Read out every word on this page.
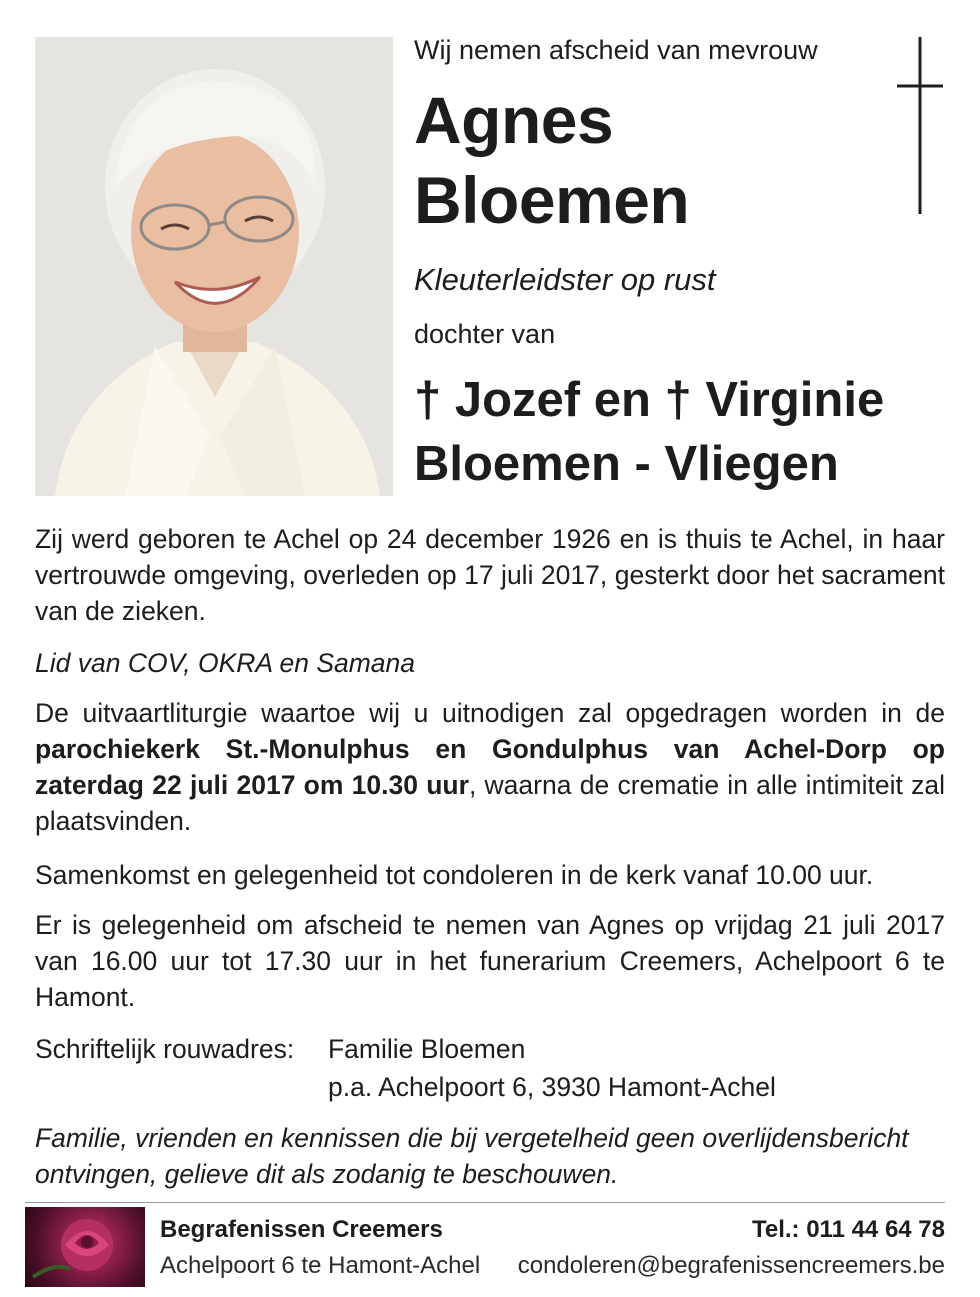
Wij nemen afscheid van mevrouw
Agnes
Bloemen
Kleuterleidster op rust
dochter van
† Jozef en † Virginie
Bloemen - Vliegen
Zij werd geboren te Achel op 24 december 1926 en is thuis te Achel, in haar vertrouwde omgeving, overleden op 17 juli 2017, gesterkt door het sacrament van de zieken.
Lid van COV, OKRA en Samana
De uitvaartliturgie waartoe wij u uitnodigen zal opgedragen worden in de parochiekerk St.-Monulphus en Gondulphus van Achel-Dorp op zaterdag 22 juli 2017 om 10.30 uur, waarna de crematie in alle intimiteit zal plaatsvinden.
Samenkomst en gelegenheid tot condoleren in de kerk vanaf 10.00 uur.
Er is gelegenheid om afscheid te nemen van Agnes op vrijdag 21 juli 2017 van 16.00 uur tot 17.30 uur in het funerarium Creemers, Achelpoort 6 te Hamont.
Schriftelijk rouwadres: Familie Bloemen
p.a. Achelpoort 6, 3930 Hamont-Achel
Familie, vrienden en kennissen die bij vergetelheid geen overlijdensbericht ontvingen, gelieve dit als zodanig te beschouwen.
Begrafenissen Creemers
Achelpoort 6 te Hamont-Achel
Tel.: 011 44 64 78
condoleren@begrafenissencreemers.be
